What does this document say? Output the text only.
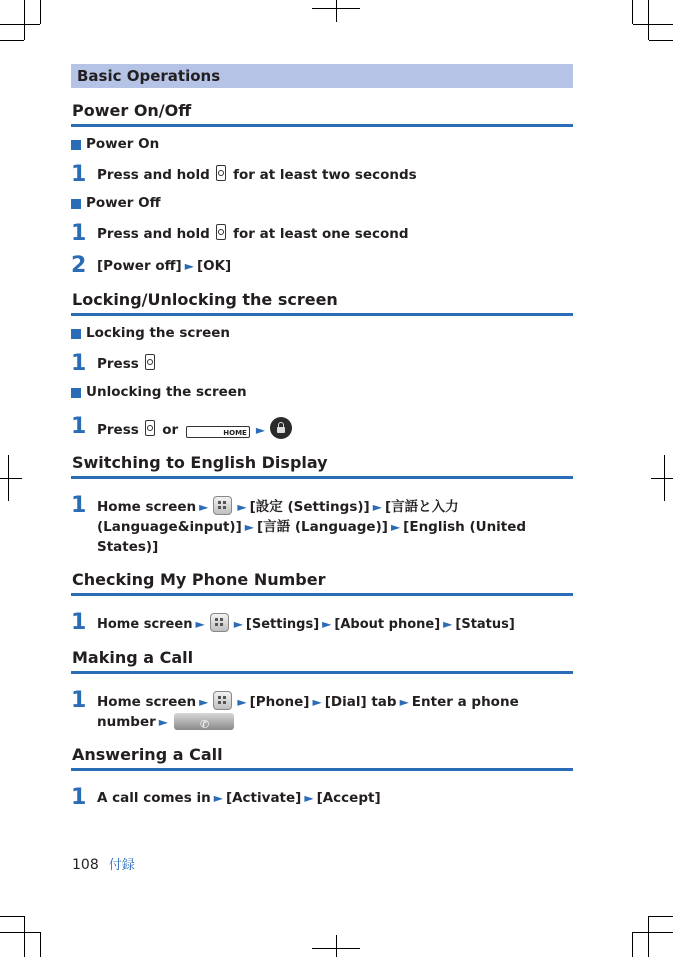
Basic Operations
Power On/Off
Power On
1 Press and hold for at least two seconds
Power Off
1 Press and hold for at least one second
2 [Power off] ► [OK]
Locking/Unlocking the screen
Locking the screen
1 Press
Unlocking the screen
1 Press or	HOME ►
Switching to English Display
1 Home screen ► ► [設定 (Settings)] ► [言語と入力 (Language&input)] ► [言語 (Language)] ► [English (United States)]
Checking My Phone Number
1 Home screen ► ► [Settings] ► [About phone] ► [Status]
Making a Call
1 Home screen ► ► [Phone] ► [Dial] tab ► Enter a phone number ►	✆
Answering a Call
1 A call comes in ► [Activate] ► [Accept]
108 付録
